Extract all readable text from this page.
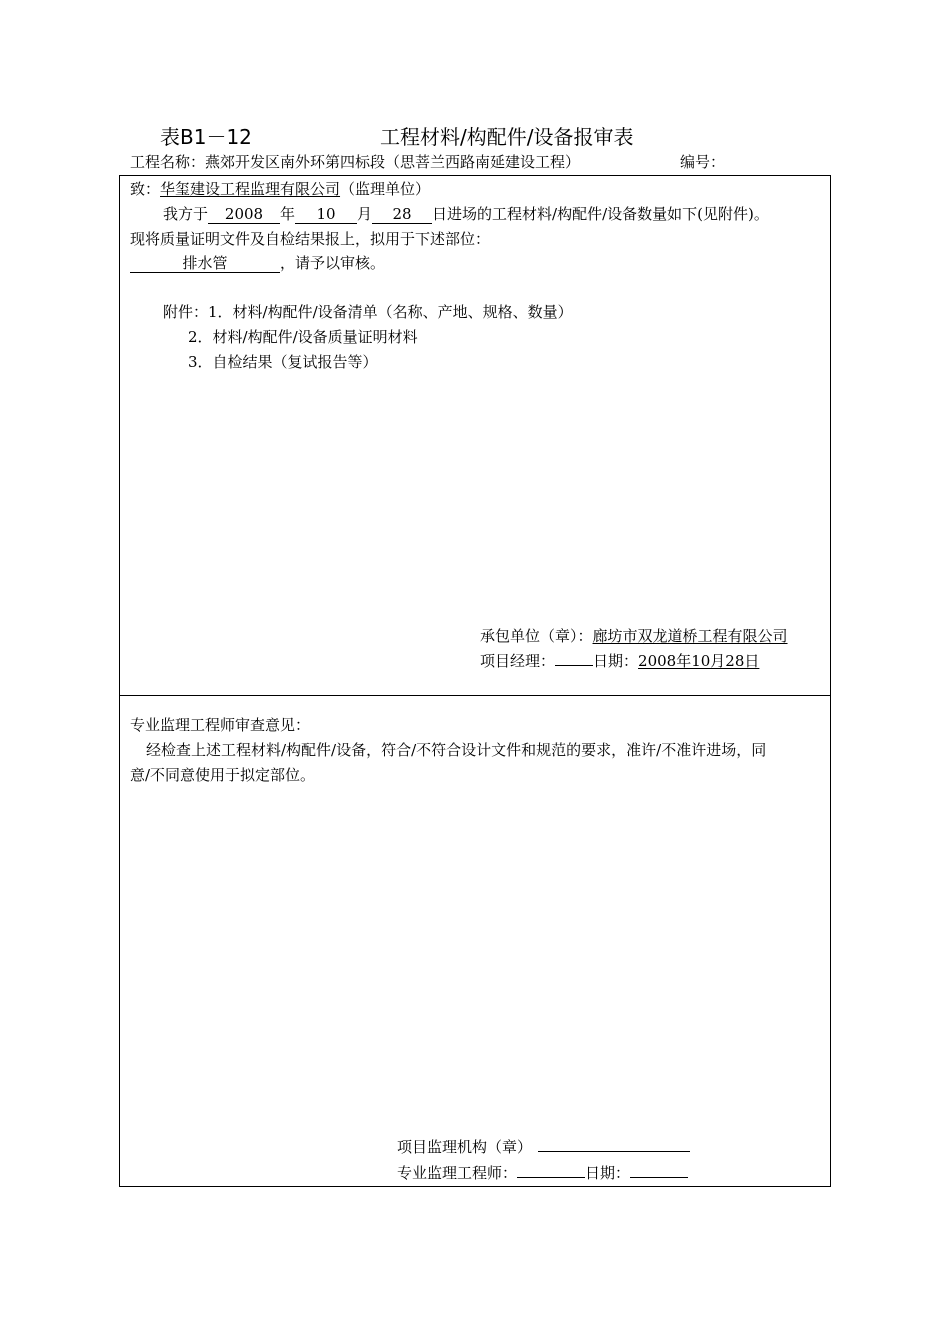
表B1－12	工程材料/构配件/设备报审表
工程名称：燕郊开发区南外环第四标段（思菩兰西路南延建设工程）	编号：
致：华玺建设工程监理有限公司（监理单位）
我方于 2008 年 10 月 28 日进场的工程材料/构配件/设备数量如下(见附件)。
现将质量证明文件及自检结果报上，拟用于下述部位：
排水管	，请予以审核。
附件：1．材料/构配件/设备清单（名称、产地、规格、数量）
2．材料/构配件/设备质量证明材料
3．自检结果（复试报告等）
承包单位（章）：廊坊市双龙道桥工程有限公司
项目经理：	日期：2008年10月28日
专业监理工程师审查意见：
经检查上述工程材料/构配件/设备，符合/不符合设计文件和规范的要求，准许/不准许进场，同
意/不同意使用于拟定部位。
项目监理机构（章）
专业监理工程师：	日期：
